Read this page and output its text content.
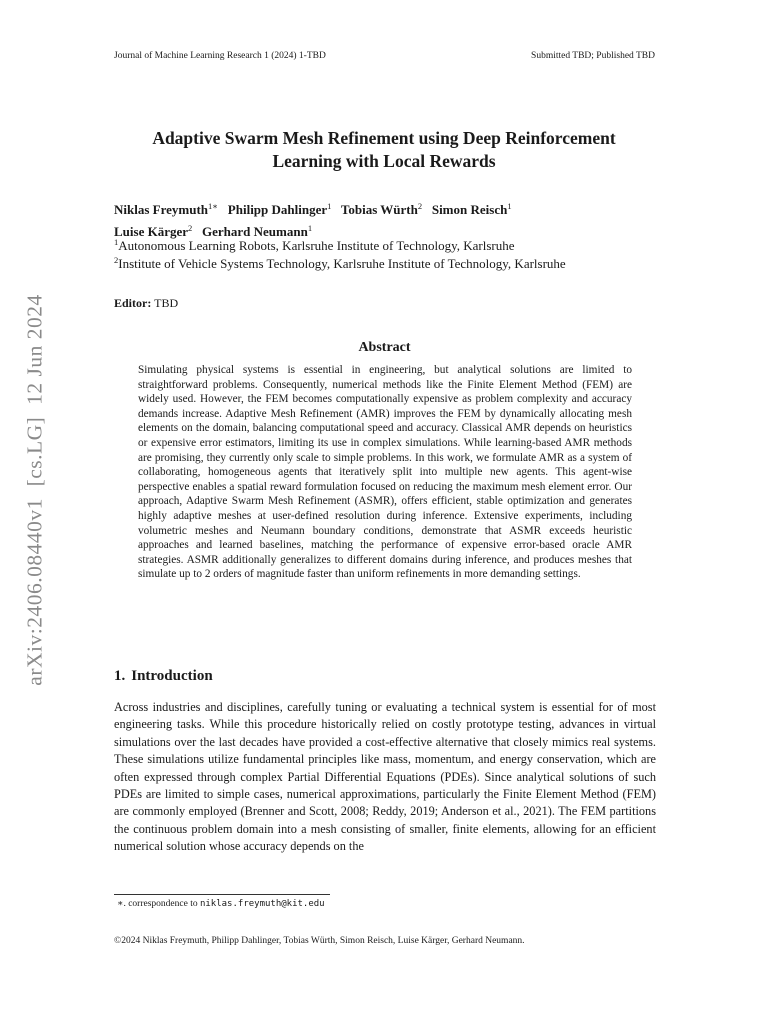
Journal of Machine Learning Research 1 (2024) 1-TBD	Submitted TBD; Published TBD
arXiv:2406.08440v1  [cs.LG]  12 Jun 2024
Adaptive Swarm Mesh Refinement using Deep Reinforcement
Learning with Local Rewards
Niklas Freymuth$^{1∗}$ Philipp Dahlinger$^1$ Tobias Würth$^2$ Simon Reisch$^1$
Luise Kärger$^2$ Gerhard Neumann$^1$
$^1$Autonomous Learning Robots, Karlsruhe Institute of Technology, Karlsruhe
$^2$Institute of Vehicle Systems Technology, Karlsruhe Institute of Technology, Karlsruhe
Editor: TBD
Abstract

Simulating physical systems is essential in engineering, but analytical solutions are limited to straightforward problems. Consequently, numerical methods like the Finite Element Method (FEM) are widely used. However, the FEM becomes computationally expensive as problem complexity and accuracy demands increase. Adaptive Mesh Refinement (AMR) improves the FEM by dynamically allocating mesh elements on the domain, balancing computational speed and accuracy. Classical AMR depends on heuristics or expensive error estimators, limiting its use in complex simulations. While learning-based AMR methods are promising, they currently only scale to simple problems. In this work, we formulate AMR as a system of collaborating, homogeneous agents that iteratively split into multiple new agents. This agent-wise perspective enables a spatial reward formulation focused on reducing the maximum mesh element error. Our approach, Adaptive Swarm Mesh Refinement (ASMR), offers efficient, stable optimization and generates highly adaptive meshes at user-defined resolution during inference. Extensive experiments, including volumetric meshes and Neumann boundary conditions, demonstrate that ASMR exceeds heuristic approaches and learned baselines, matching the performance of expensive error-based oracle AMR strategies. ASMR additionally generalizes to different domains during inference, and produces meshes that simulate up to 2 orders of magnitude faster than uniform refinements in more demanding settings.

1. Introduction

Across industries and disciplines, carefully tuning or evaluating a technical system is essential for of most engineering tasks. While this procedure historically relied on costly prototype testing, advances in virtual simulations over the last decades have provided a cost-effective alternative that closely mimics real systems. These simulations utilize fundamental principles like mass, momentum, and energy conservation, which are often expressed through complex Partial Differential Equations (PDEs). Since analytical solutions of such PDEs are limited to simple cases, numerical approximations, particularly the Finite Element Method (FEM) are commonly employed (Brenner and Scott, 2008; Reddy, 2019; Anderson et al., 2021). The FEM partitions the continuous problem domain into a mesh consisting of smaller, finite elements, allowing for an efficient numerical solution whose accuracy depends on the

∗. correspondence to niklas.freymuth@kit.edu
©2024 Niklas Freymuth, Philipp Dahlinger, Tobias Würth, Simon Reisch, Luise Kärger, Gerhard Neumann.
